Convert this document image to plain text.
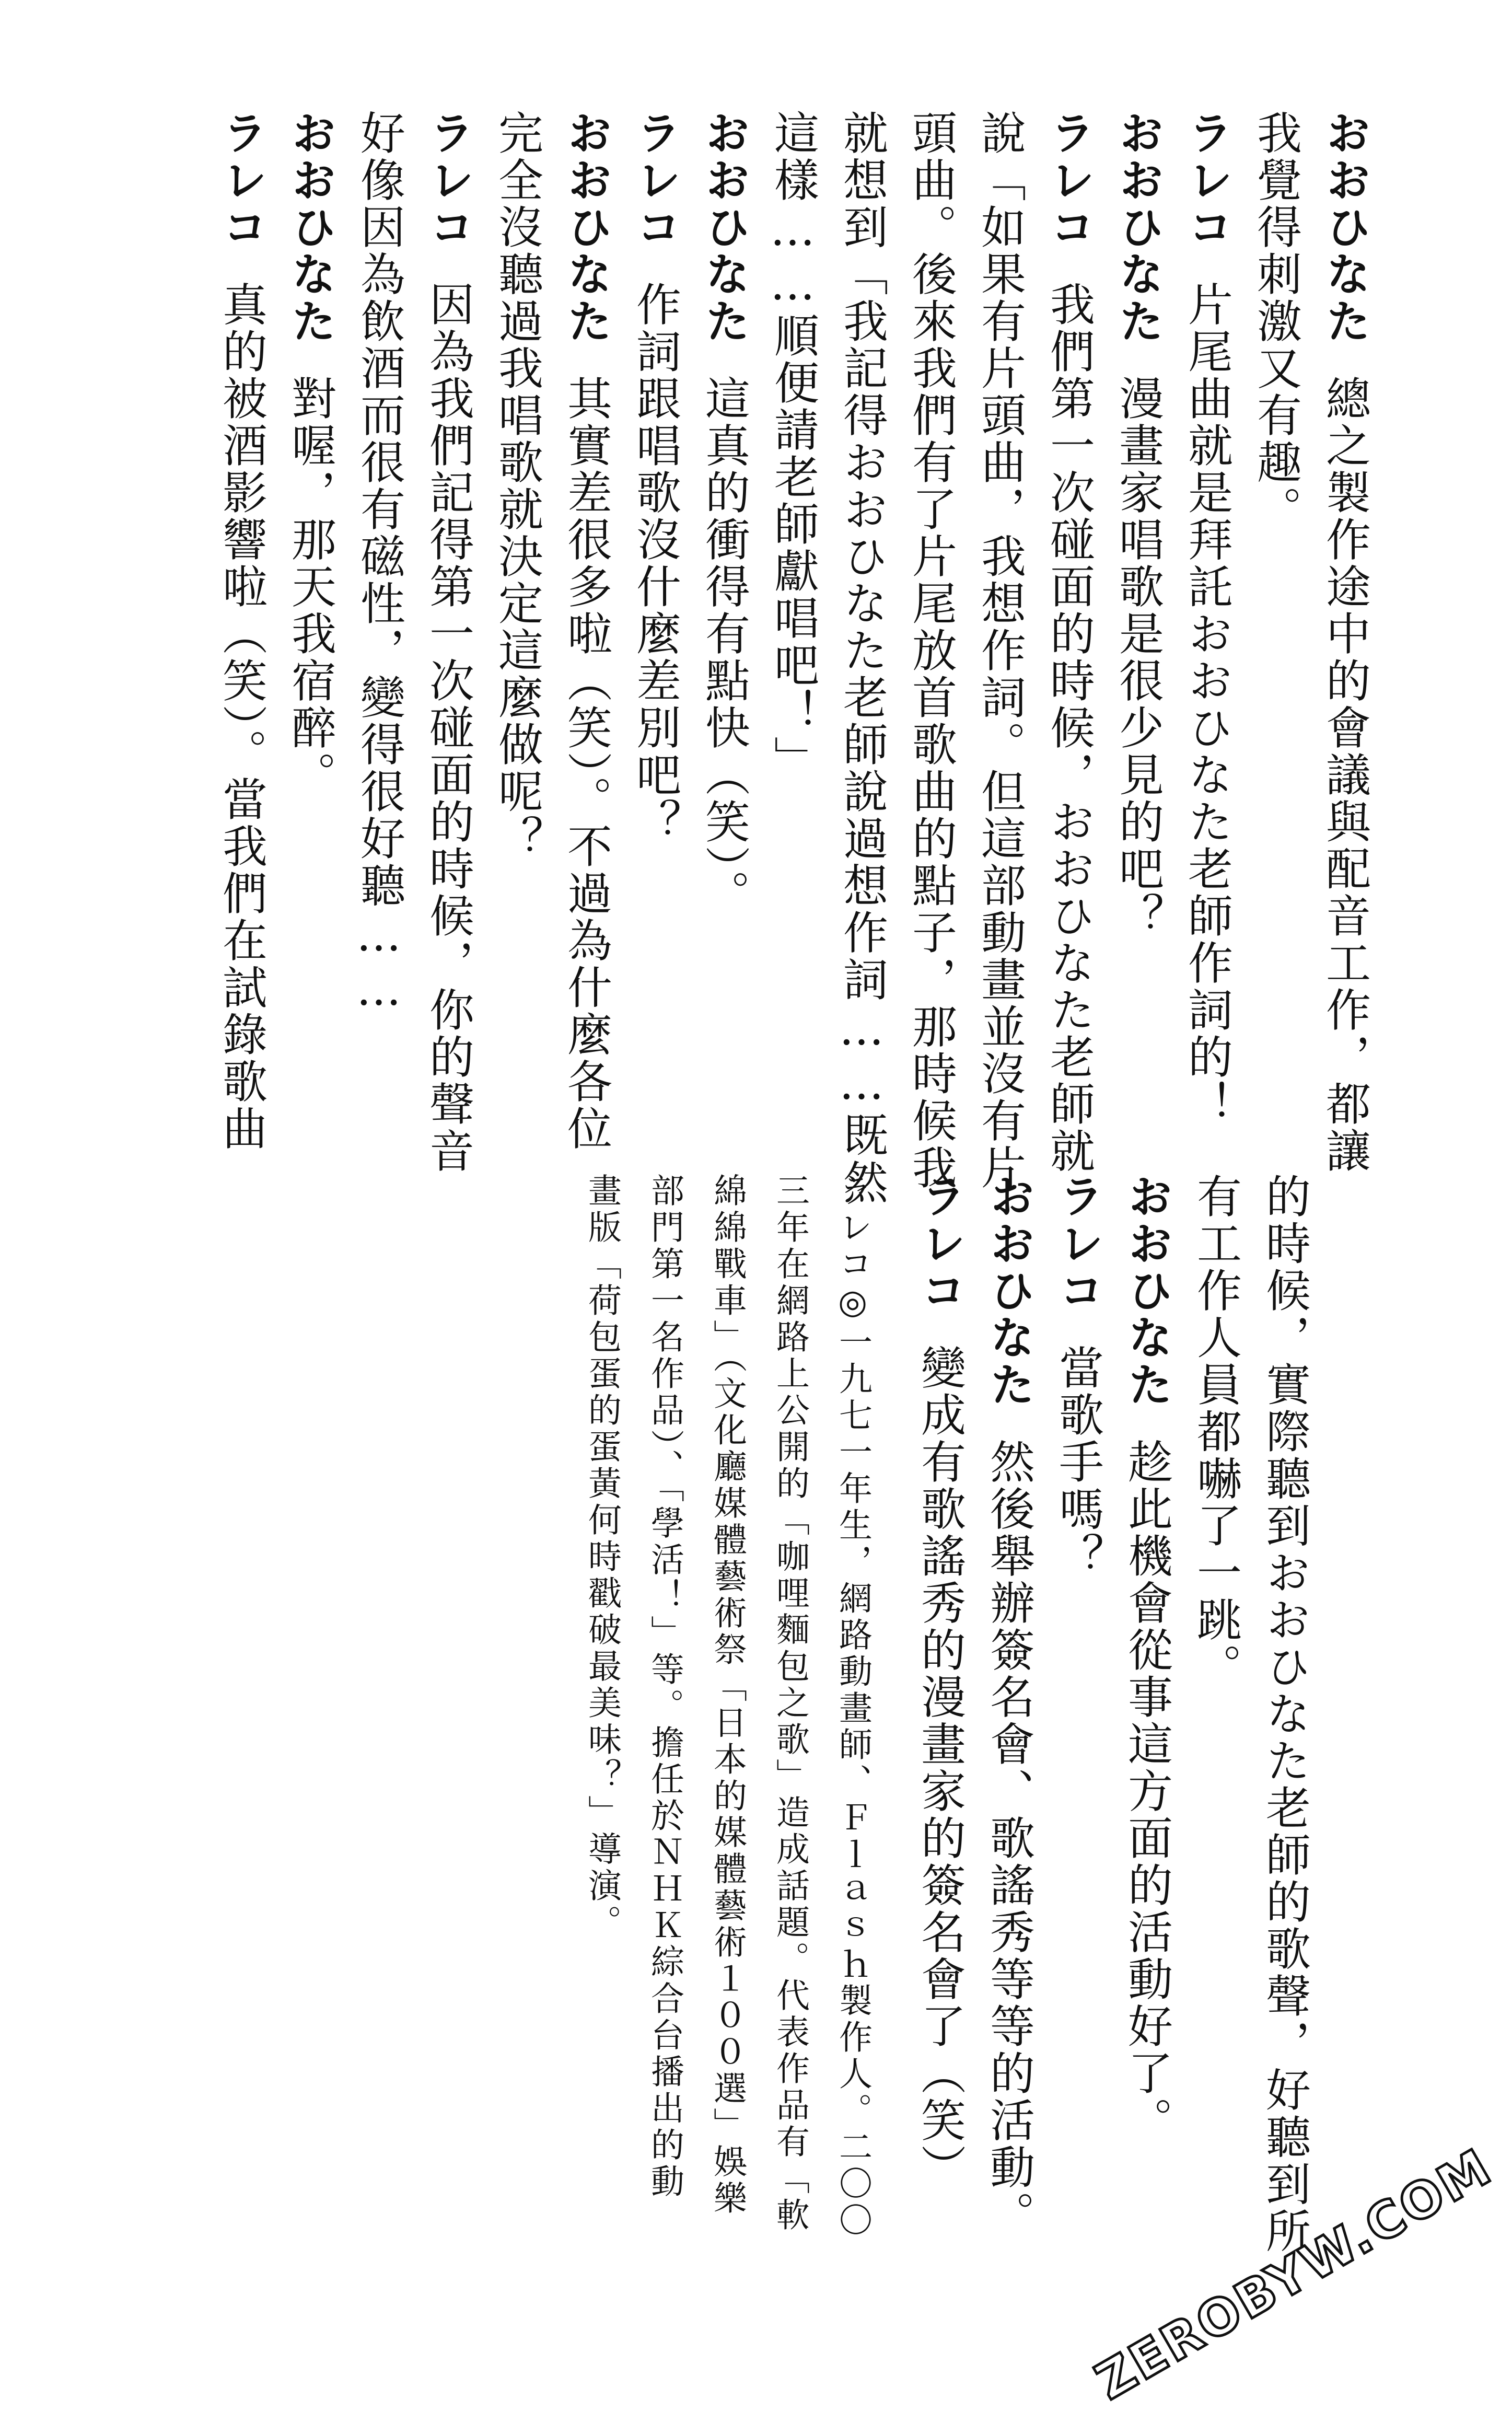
おおひなた總之製作途中的會議與配音工作，都讓
我覺得刺激又有趣。
ラレコ片尾曲就是拜託おおひなた老師作詞的！
おおひなた漫畫家唱歌是很少見的吧？
ラレコ我們第一次碰面的時候，おおひなた老師就
說「如果有片頭曲，我想作詞。但這部動畫並沒有片
頭曲。後來我們有了片尾放首歌曲的點子，那時候我
就想到「我記得おおひなた老師說過想作詞……既然
這樣……順便請老師獻唱吧！」
おおひなた這真的衝得有點快（笑）。
ラレコ作詞跟唱歌沒什麼差別吧？
おおひなた其實差很多啦（笑）。不過為什麼各位
完全沒聽過我唱歌就決定這麼做呢？
ラレコ因為我們記得第一次碰面的時候，你的聲音
好像因為飲酒而很有磁性，變得很好聽……
おおひなた對喔，那天我宿醉。
ラレコ真的被酒影響啦（笑）。當我們在試錄歌曲
的時候，實際聽到おおひなた老師的歌聲，好聽到所
有工作人員都嚇了一跳。
おおひなた趁此機會從事這方面的活動好了。
ラレコ當歌手嗎？
おおひなた然後舉辦簽名會、歌謠秀等等的活動。
ラレコ變成有歌謠秀的漫畫家的簽名會了（笑）
ラレコ◎一九七一年生，網路動畫師、Ｆｌａｓｈ製作人。二〇〇
三年在網路上公開的「咖哩麵包之歌」造成話題。代表作品有「軟
綿綿戰車」（文化廳媒體藝術祭「日本的媒體藝術１００選」娛樂
部門第一名作品）、「學活！」等。擔任於ＮＨＫ綜合台播出的動
畫版「荷包蛋的蛋黃何時戳破最美味？」導演。
ZEROBYW.COM
